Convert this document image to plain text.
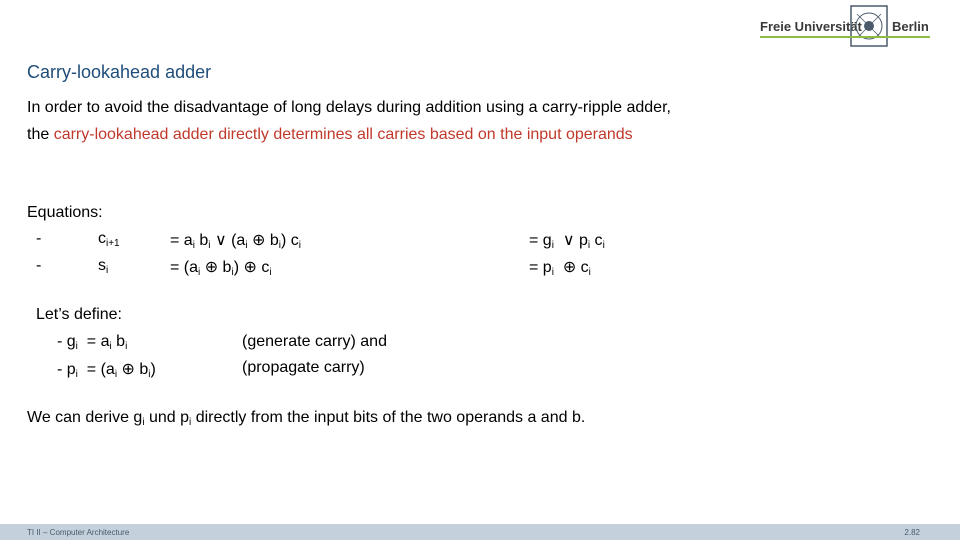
Freie Universität Berlin
Carry-lookahead adder
In order to avoid the disadvantage of long delays during addition using a carry-ripple adder,
the carry-lookahead adder directly determines all carries based on the input operands
Equations:
-	$c_{i+1}$	= $a_i$ $b_i$ ∨ ($a_i$ ⊕ $b_i$) $c_i$	= $g_i$  ∨ $p_i$ $c_i$
-	$s_i$	= ($a_i$ ⊕ $b_i$) ⊕ $c_i$	= $p_i$  ⊕ $c_i$
Let’s define:
- $g_i = a_i$ $b_i$	(generate carry) and
- $p_i = (a_i$ ⊕ $b_i$)	(propagate carry)
We can derive $g_i$ und $p_i$ directly from the input bits of the two operands a and b.
TI II – Computer Architecture	2.82
